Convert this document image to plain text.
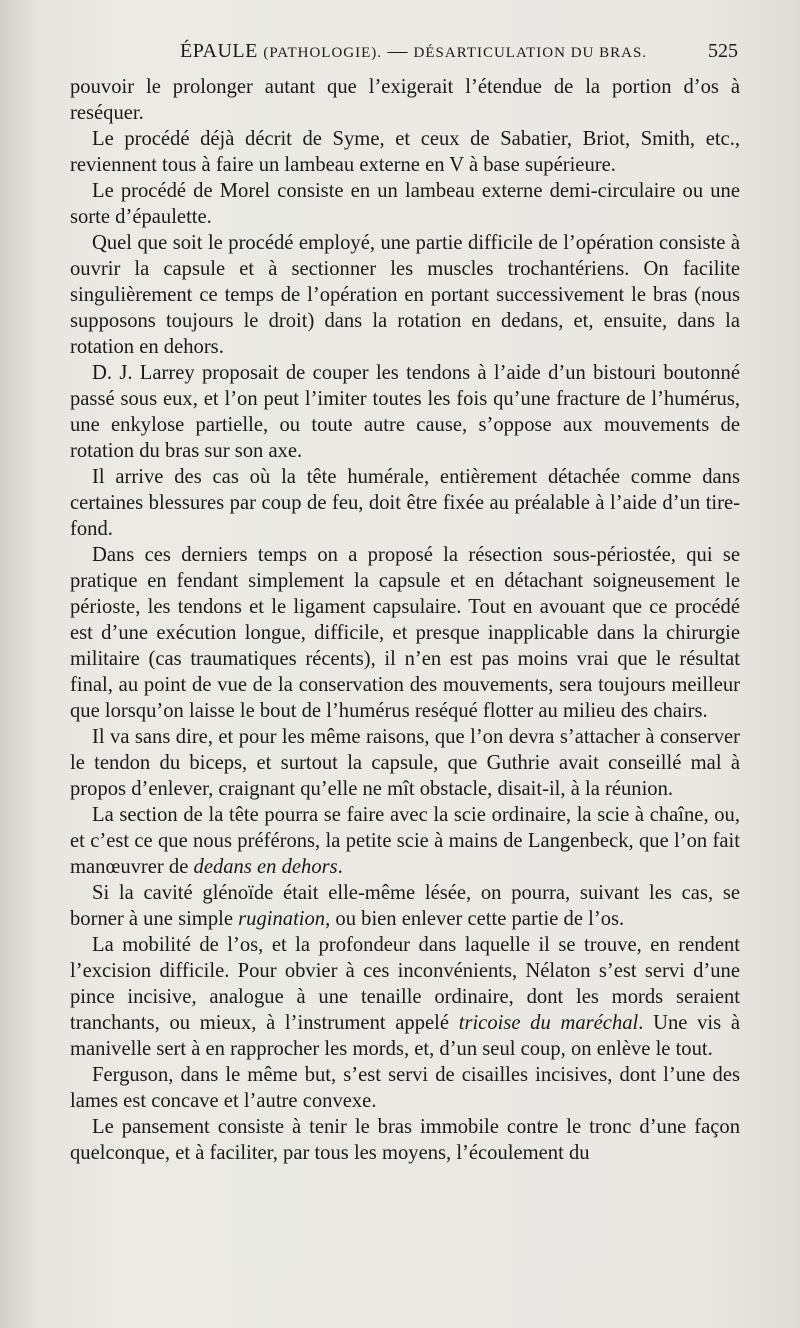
ÉPAULE (PATHOLOGIE). — DÉSARTICULATION DU BRAS.	525

pouvoir le prolonger autant que l’exigerait l’étendue de la portion d’os à reséquer.

Le procédé déjà décrit de Syme, et ceux de Sabatier, Briot, Smith, etc., reviennent tous à faire un lambeau externe en V à base supérieure.

Le procédé de Morel consiste en un lambeau externe demi-circulaire ou une sorte d’épaulette.

Quel que soit le procédé employé, une partie difficile de l’opération consiste à ouvrir la capsule et à sectionner les muscles trochantériens. On facilite singulièrement ce temps de l’opération en portant successivement le bras (nous supposons toujours le droit) dans la rotation en dedans, et, ensuite, dans la rotation en dehors.

D. J. Larrey proposait de couper les tendons à l’aide d’un bistouri boutonné passé sous eux, et l’on peut l’imiter toutes les fois qu’une fracture de l’humérus, une enkylose partielle, ou toute autre cause, s’oppose aux mouvements de rotation du bras sur son axe.

Il arrive des cas où la tête humérale, entièrement détachée comme dans certaines blessures par coup de feu, doit être fixée au préalable à l’aide d’un tire-fond.

Dans ces derniers temps on a proposé la résection sous-périostée, qui se pratique en fendant simplement la capsule et en détachant soigneusement le périoste, les tendons et le ligament capsulaire. Tout en avouant que ce procédé est d’une exécution longue, difficile, et presque inapplicable dans la chirurgie militaire (cas traumatiques récents), il n’en est pas moins vrai que le résultat final, au point de vue de la conservation des mouvements, sera toujours meilleur que lorsqu’on laisse le bout de l’humérus reséqué flotter au milieu des chairs.

Il va sans dire, et pour les même raisons, que l’on devra s’attacher à conserver le tendon du biceps, et surtout la capsule, que Guthrie avait conseillé mal à propos d’enlever, craignant qu’elle ne mît obstacle, disait-il, à la réunion.

La section de la tête pourra se faire avec la scie ordinaire, la scie à chaîne, ou, et c’est ce que nous préférons, la petite scie à mains de Langenbeck, que l’on fait manœuvrer de dedans en dehors.

Si la cavité glénoïde était elle-même lésée, on pourra, suivant les cas, se borner à une simple rugination, ou bien enlever cette partie de l’os.

La mobilité de l’os, et la profondeur dans laquelle il se trouve, en rendent l’excision difficile. Pour obvier à ces inconvénients, Nélaton s’est servi d’une pince incisive, analogue à une tenaille ordinaire, dont les mords seraient tranchants, ou mieux, à l’instrument appelé tricoise du maréchal. Une vis à manivelle sert à en rapprocher les mords, et, d’un seul coup, on enlève le tout.

Ferguson, dans le même but, s’est servi de cisailles incisives, dont l’une des lames est concave et l’autre convexe.

Le pansement consiste à tenir le bras immobile contre le tronc d’une façon quelconque, et à faciliter, par tous les moyens, l’écoulement du
